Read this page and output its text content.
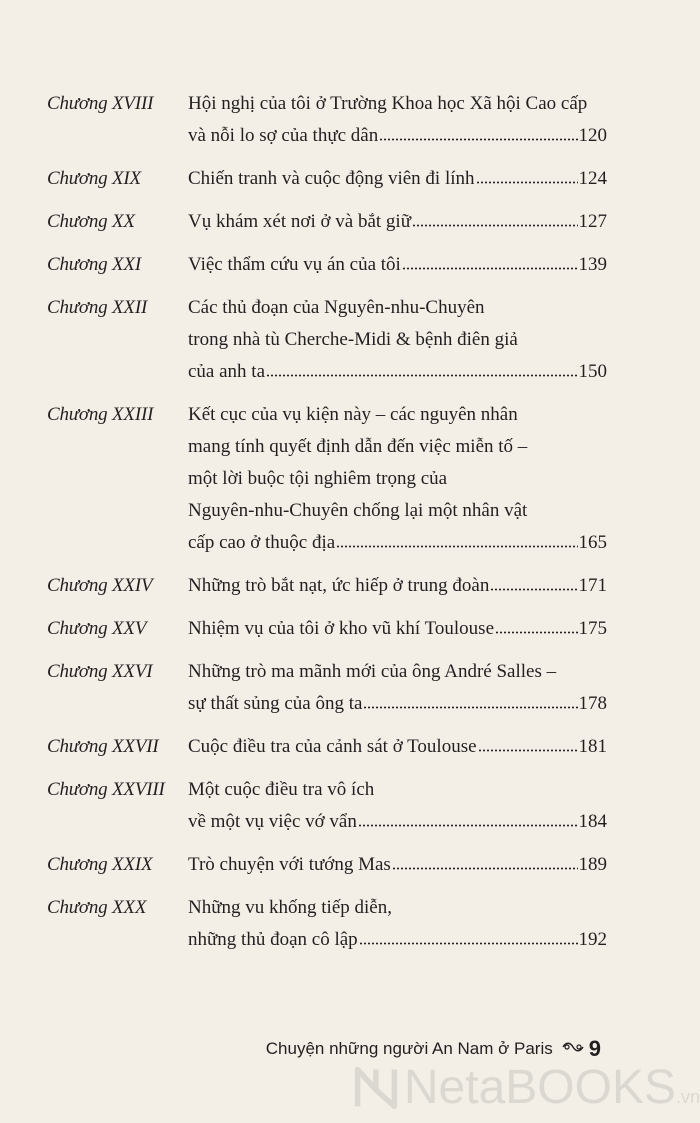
Chương XVIII	Hội nghị của tôi ở Trường Khoa học Xã hội Cao cấp
và nỗi lo sợ của thực dân	120
Chương XIX	Chiến tranh và cuộc động viên đi lính	124
Chương XX	Vụ khám xét nơi ở và bắt giữ	127
Chương XXI	Việc thẩm cứu vụ án của tôi	139
Chương XXII	Các thủ đoạn của Nguyên-nhu-Chuyên
trong nhà tù Cherche-Midi & bệnh điên giả
của anh ta	150
Chương XXIII	Kết cục của vụ kiện này – các nguyên nhân
mang tính quyết định dẫn đến việc miễn tố –
một lời buộc tội nghiêm trọng của
Nguyên-nhu-Chuyên chống lại một nhân vật
cấp cao ở thuộc địa	165
Chương XXIV	Những trò bắt nạt, ức hiếp ở trung đoàn	171
Chương XXV	Nhiệm vụ của tôi ở kho vũ khí Toulouse	175
Chương XXVI	Những trò ma mãnh mới của ông André Salles –
sự thất sủng của ông ta	178
Chương XXVII	Cuộc điều tra của cảnh sát ở Toulouse	181
Chương XXVIII	Một cuộc điều tra vô ích
về một vụ việc vớ vẩn	184
Chương XXIX	Trò chuyện với tướng Mas	189
Chương XXX	Những vu khống tiếp diễn,
những thủ đoạn cô lập	192
Chuyện những người An Nam ở Paris 9
NetaBOOKS.vn
